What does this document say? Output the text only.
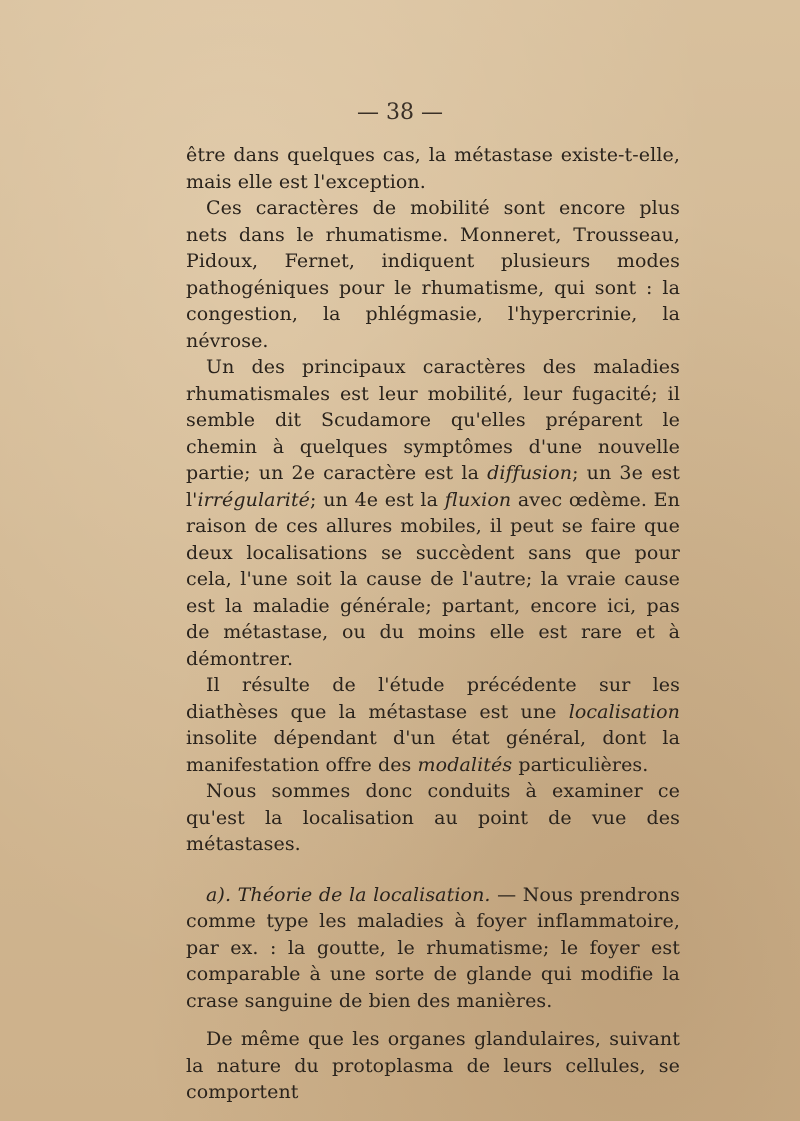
— 38 —

être dans quelques cas, la métastase existe-t-elle, mais elle est l'exception.

Ces caractères de mobilité sont encore plus nets dans le rhumatisme. Monneret, Trousseau, Pidoux, Fernet, indiquent plusieurs modes pathogéniques pour le rhumatisme, qui sont : la congestion, la phlégmasie, l'hypercrinie, la névrose.

Un des principaux caractères des maladies rhumatismales est leur mobilité, leur fugacité; il semble dit Scudamore qu'elles préparent le chemin à quelques symptômes d'une nouvelle partie; un 2e caractère est la diffusion; un 3e est l'irrégularité; un 4e est la fluxion avec œdème. En raison de ces allures mobiles, il peut se faire que deux localisations se succèdent sans que pour cela, l'une soit la cause de l'autre; la vraie cause est la maladie générale; partant, encore ici, pas de métastase, ou du moins elle est rare et à démontrer.

Il résulte de l'étude précédente sur les diathèses que la métastase est une localisation insolite dépendant d'un état général, dont la manifestation offre des modalités particulières.

Nous sommes donc conduits à examiner ce qu'est la localisation au point de vue des métastases.

a). Théorie de la localisation. — Nous prendrons comme type les maladies à foyer inflammatoire, par ex. : la goutte, le rhumatisme; le foyer est comparable à une sorte de glande qui modifie la crase sanguine de bien des manières.

De même que les organes glandulaires, suivant la nature du protoplasma de leurs cellules, se comportent
